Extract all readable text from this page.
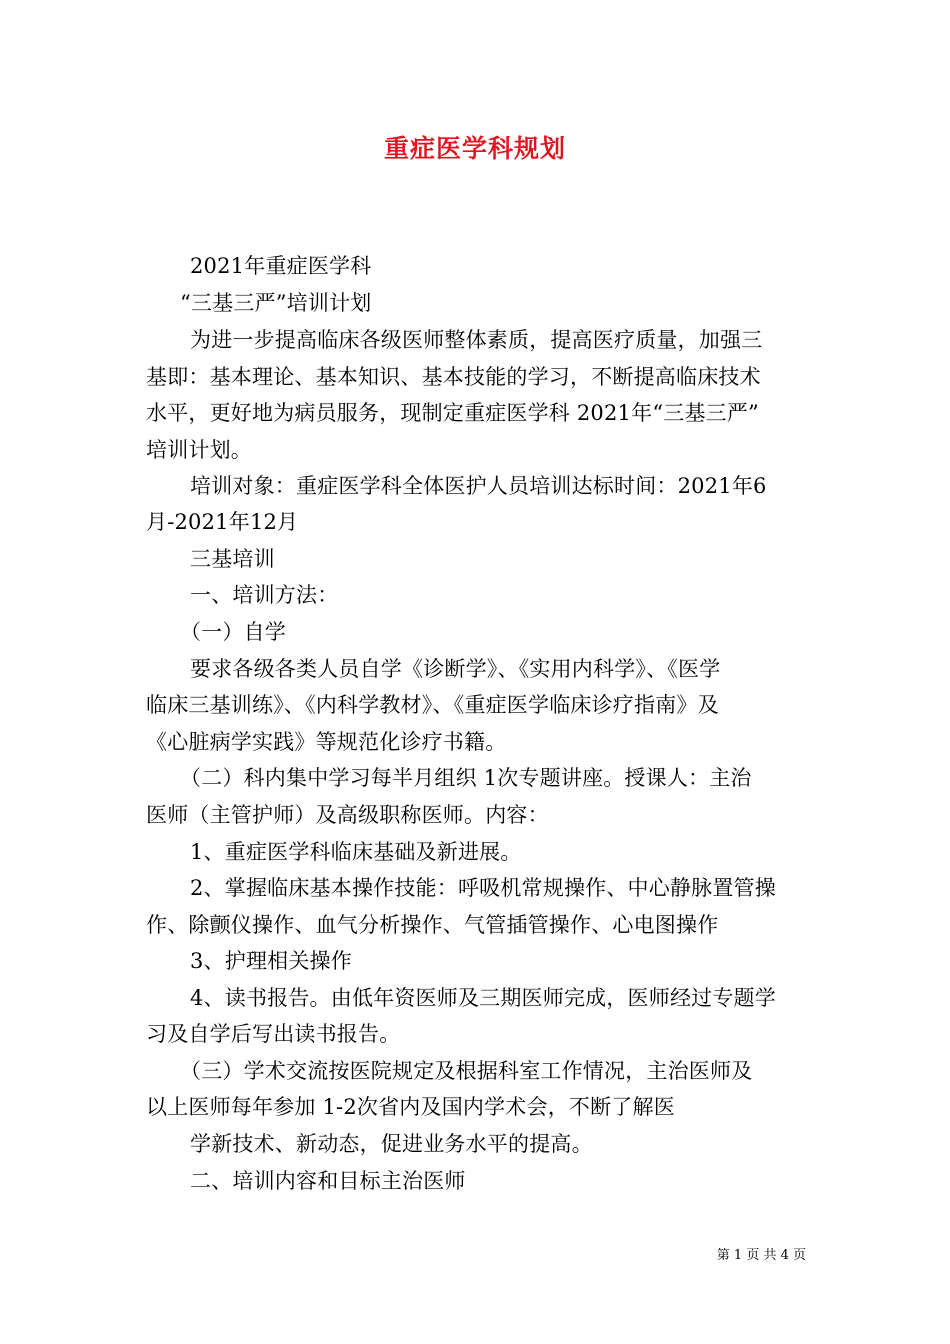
重症医学科规划
2021年重症医学科
“三基三严”培训计划
为进一步提高临床各级医师整体素质，提高医疗质量，加强三
基即：基本理论、基本知识、基本技能的学习，不断提高临床技术
水平，更好地为病员服务，现制定重症医学科 2021年“三基三严”
培训计划。
培训对象：重症医学科全体医护人员培训达标时间：2021年6
月-2021年12月
三基培训
一、培训方法：
（一）自学
要求各级各类人员自学《诊断学》、《实用内科学》、《医学
临床三基训练》、《内科学教材》、《重症医学临床诊疗指南》及
《心脏病学实践》等规范化诊疗书籍。
（二）科内集中学习每半月组织 1次专题讲座。授课人：主治
医师（主管护师）及高级职称医师。内容：
1、重症医学科临床基础及新进展。
2、掌握临床基本操作技能：呼吸机常规操作、中心静脉置管操
作、除颤仪操作、血气分析操作、气管插管操作、心电图操作
3、护理相关操作
4、读书报告。由低年资医师及三期医师完成，医师经过专题学
习及自学后写出读书报告。
（三）学术交流按医院规定及根据科室工作情况，主治医师及
以上医师每年参加 1-2次省内及国内学术会，不断了解医
学新技术、新动态，促进业务水平的提高。
二、培训内容和目标主治医师
第 1 页 共 4 页
